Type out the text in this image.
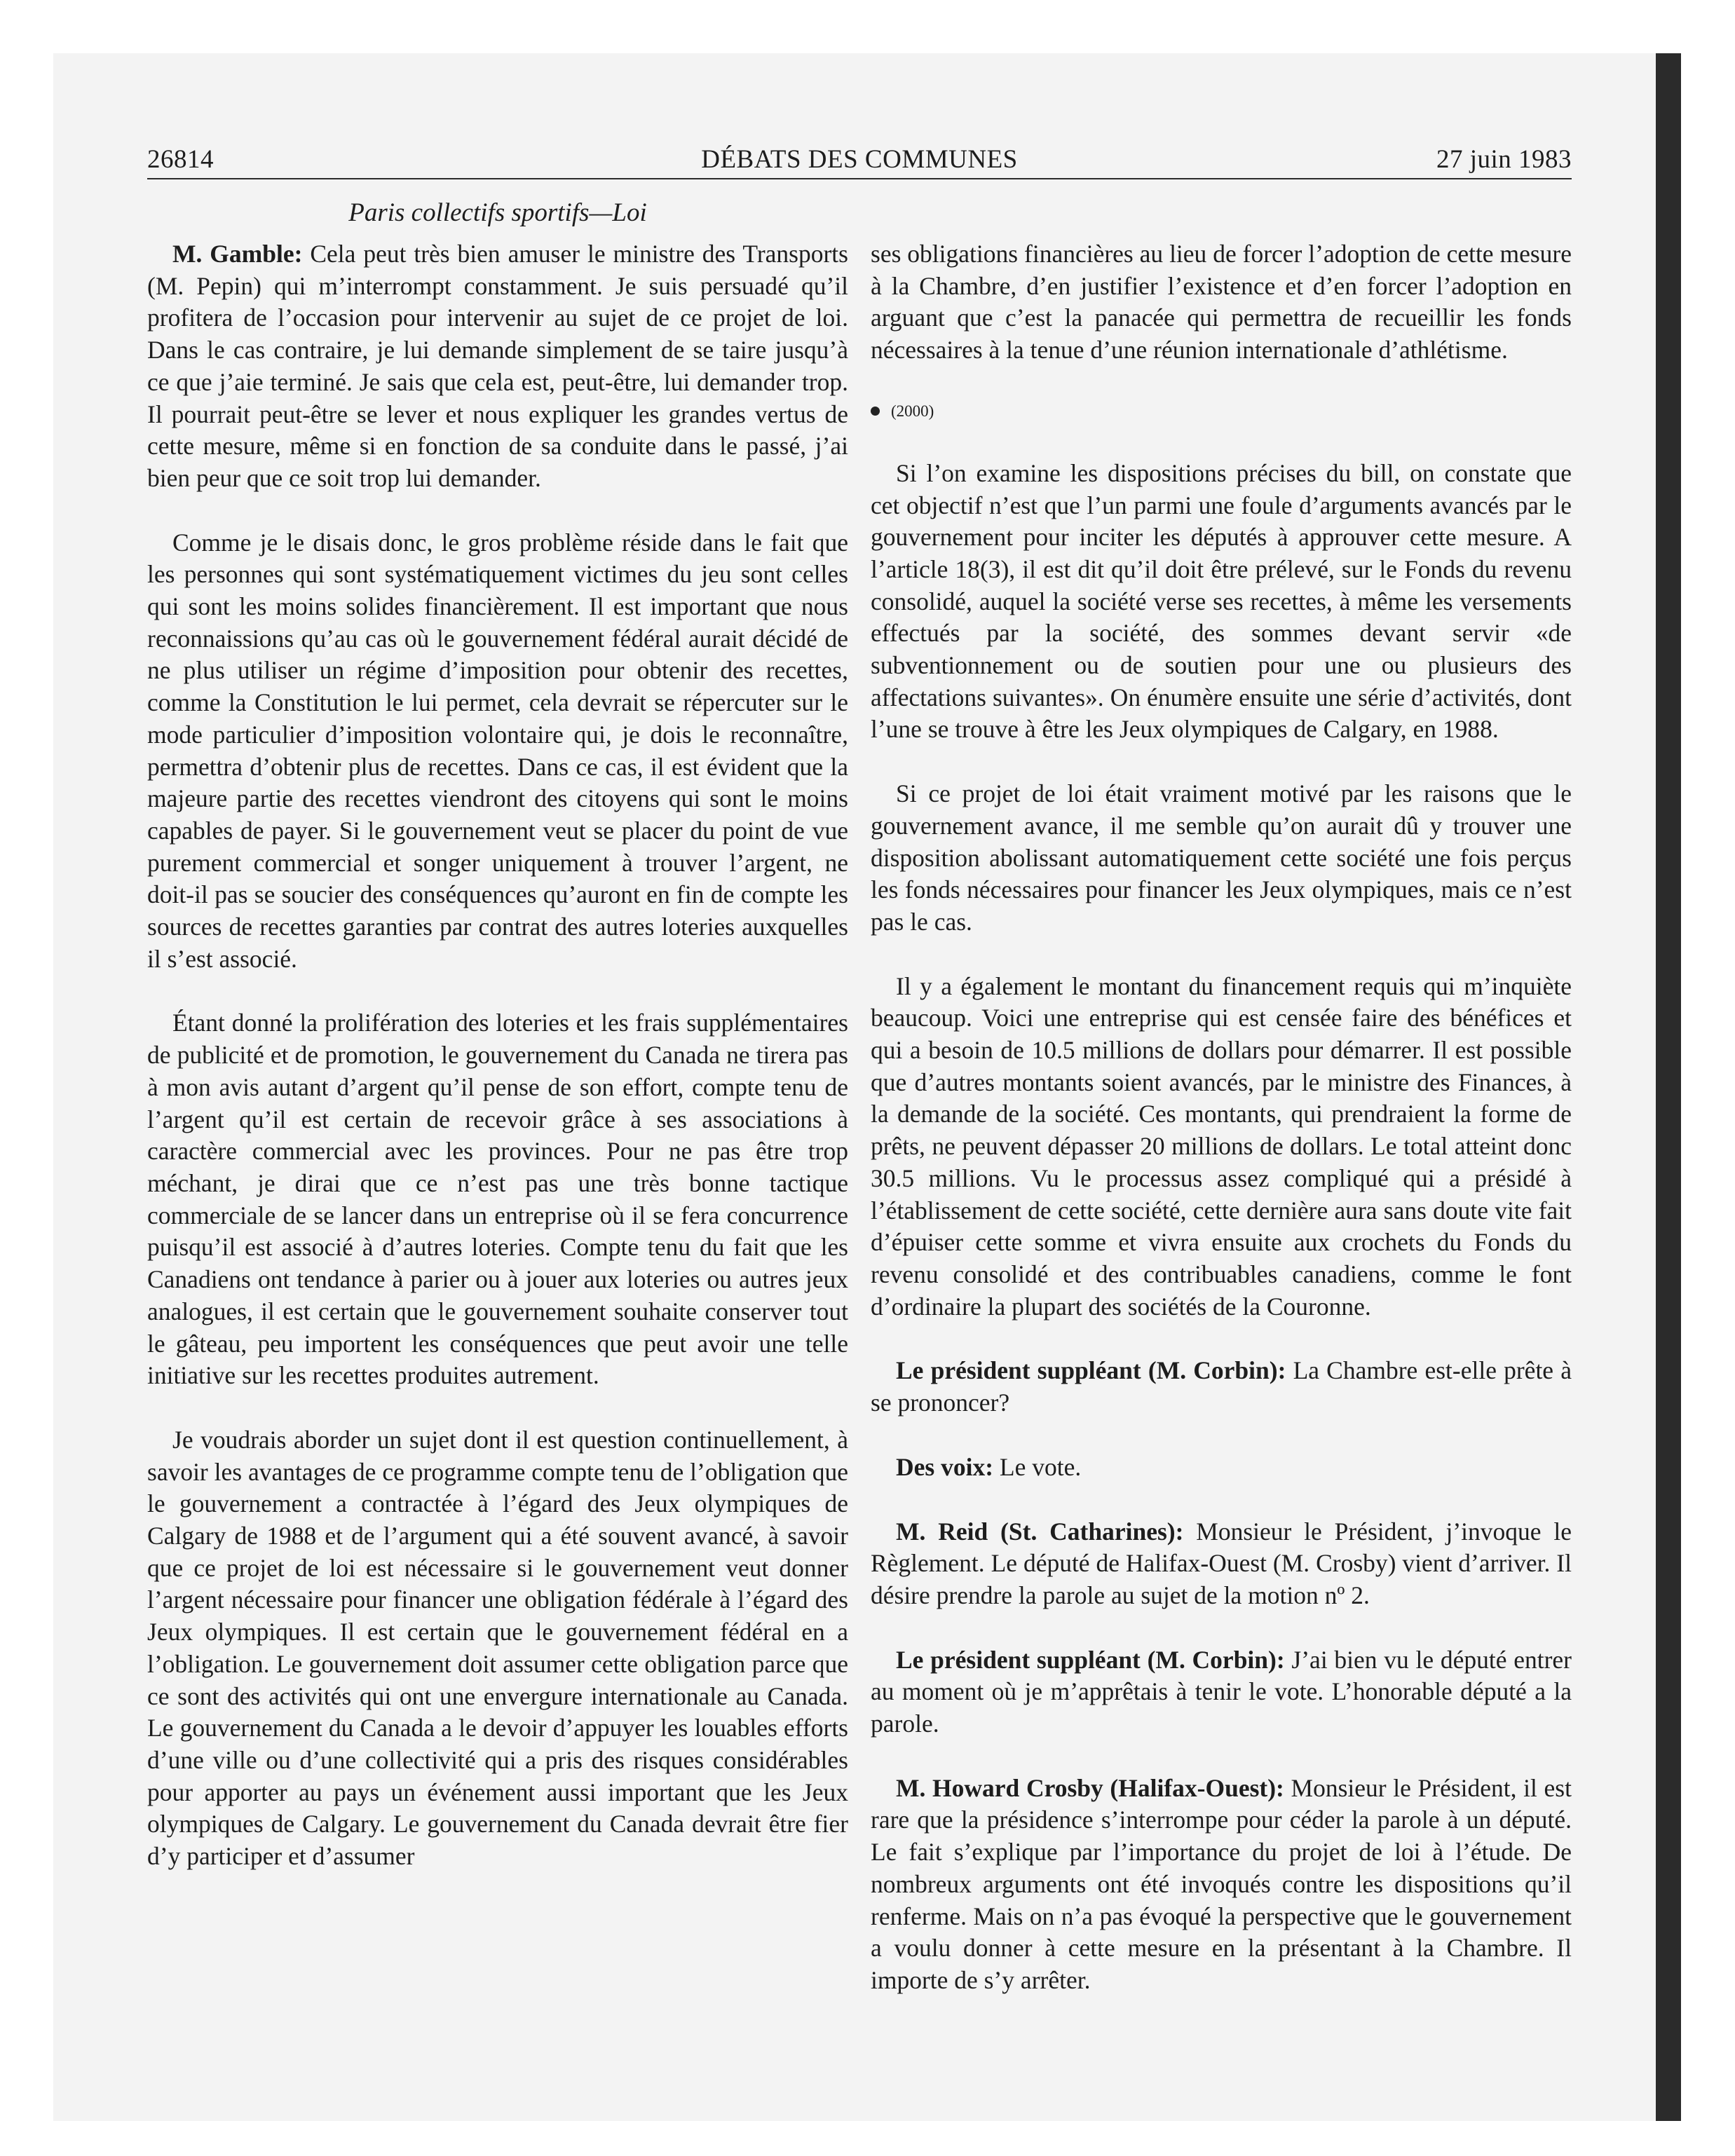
26814	DÉBATS DES COMMUNES	27 juin 1983
Paris collectifs sportifs—Loi

M. Gamble: Cela peut très bien amuser le ministre des Transports (M. Pepin) qui m’interrompt constamment. Je suis persuadé qu’il profitera de l’occasion pour intervenir au sujet de ce projet de loi. Dans le cas contraire, je lui demande simplement de se taire jusqu’à ce que j’aie terminé. Je sais que cela est, peut-être, lui demander trop. Il pourrait peut-être se lever et nous expliquer les grandes vertus de cette mesure, même si en fonction de sa conduite dans le passé, j’ai bien peur que ce soit trop lui demander.

Comme je le disais donc, le gros problème réside dans le fait que les personnes qui sont systématiquement victimes du jeu sont celles qui sont les moins solides financièrement. Il est important que nous reconnaissions qu’au cas où le gouvernement fédéral aurait décidé de ne plus utiliser un régime d’imposition pour obtenir des recettes, comme la Constitution le lui permet, cela devrait se répercuter sur le mode particulier d’imposition volontaire qui, je dois le reconnaître, permettra d’obtenir plus de recettes. Dans ce cas, il est évident que la majeure partie des recettes viendront des citoyens qui sont le moins capables de payer. Si le gouvernement veut se placer du point de vue purement commercial et songer uniquement à trouver l’argent, ne doit-il pas se soucier des conséquences qu’auront en fin de compte les sources de recettes garanties par contrat des autres loteries auxquelles il s’est associé.

Étant donné la prolifération des loteries et les frais supplémentaires de publicité et de promotion, le gouvernement du Canada ne tirera pas à mon avis autant d’argent qu’il pense de son effort, compte tenu de l’argent qu’il est certain de recevoir grâce à ses associations à caractère commercial avec les provinces. Pour ne pas être trop méchant, je dirai que ce n’est pas une très bonne tactique commerciale de se lancer dans un entreprise où il se fera concurrence puisqu’il est associé à d’autres loteries. Compte tenu du fait que les Canadiens ont tendance à parier ou à jouer aux loteries ou autres jeux analogues, il est certain que le gouvernement souhaite conserver tout le gâteau, peu importent les conséquences que peut avoir une telle initiative sur les recettes produites autrement.

Je voudrais aborder un sujet dont il est question continuellement, à savoir les avantages de ce programme compte tenu de l’obligation que le gouvernement a contractée à l’égard des Jeux olympiques de Calgary de 1988 et de l’argument qui a été souvent avancé, à savoir que ce projet de loi est nécessaire si le gouvernement veut donner l’argent nécessaire pour financer une obligation fédérale à l’égard des Jeux olympiques. Il est certain que le gouvernement fédéral en a l’obligation. Le gouvernement doit assumer cette obligation parce que ce sont des activités qui ont une envergure internationale au Canada. Le gouvernement du Canada a le devoir d’appuyer les louables efforts d’une ville ou d’une collectivité qui a pris des risques considérables pour apporter au pays un événement aussi important que les Jeux olympiques de Calgary. Le gouvernement du Canada devrait être fier d’y participer et d’assumer

ses obligations financières au lieu de forcer l’adoption de cette mesure à la Chambre, d’en justifier l’existence et d’en forcer l’adoption en arguant que c’est la panacée qui permettra de recueillir les fonds nécessaires à la tenue d’une réunion internationale d’athlétisme.

(2000)

Si l’on examine les dispositions précises du bill, on constate que cet objectif n’est que l’un parmi une foule d’arguments avancés par le gouvernement pour inciter les députés à approuver cette mesure. A l’article 18(3), il est dit qu’il doit être prélevé, sur le Fonds du revenu consolidé, auquel la société verse ses recettes, à même les versements effectués par la société, des sommes devant servir «de subventionnement ou de soutien pour une ou plusieurs des affectations suivantes». On énumère ensuite une série d’activités, dont l’une se trouve à être les Jeux olympiques de Calgary, en 1988.

Si ce projet de loi était vraiment motivé par les raisons que le gouvernement avance, il me semble qu’on aurait dû y trouver une disposition abolissant automatiquement cette société une fois perçus les fonds nécessaires pour financer les Jeux olympiques, mais ce n’est pas le cas.

Il y a également le montant du financement requis qui m’inquiète beaucoup. Voici une entreprise qui est censée faire des bénéfices et qui a besoin de 10.5 millions de dollars pour démarrer. Il est possible que d’autres montants soient avancés, par le ministre des Finances, à la demande de la société. Ces montants, qui prendraient la forme de prêts, ne peuvent dépasser 20 millions de dollars. Le total atteint donc 30.5 millions. Vu le processus assez compliqué qui a présidé à l’établissement de cette société, cette dernière aura sans doute vite fait d’épuiser cette somme et vivra ensuite aux crochets du Fonds du revenu consolidé et des contribuables canadiens, comme le font d’ordinaire la plupart des sociétés de la Couronne.

Le président suppléant (M. Corbin): La Chambre est-elle prête à se prononcer?

Des voix: Le vote.

M. Reid (St. Catharines): Monsieur le Président, j’invoque le Règlement. Le député de Halifax-Ouest (M. Crosby) vient d’arriver. Il désire prendre la parole au sujet de la motion nº 2.

Le président suppléant (M. Corbin): J’ai bien vu le député entrer au moment où je m’apprêtais à tenir le vote. L’honorable député a la parole.

M. Howard Crosby (Halifax-Ouest): Monsieur le Président, il est rare que la présidence s’interrompe pour céder la parole à un député. Le fait s’explique par l’importance du projet de loi à l’étude. De nombreux arguments ont été invoqués contre les dispositions qu’il renferme. Mais on n’a pas évoqué la perspective que le gouvernement a voulu donner à cette mesure en la présentant à la Chambre. Il importe de s’y arrêter.
